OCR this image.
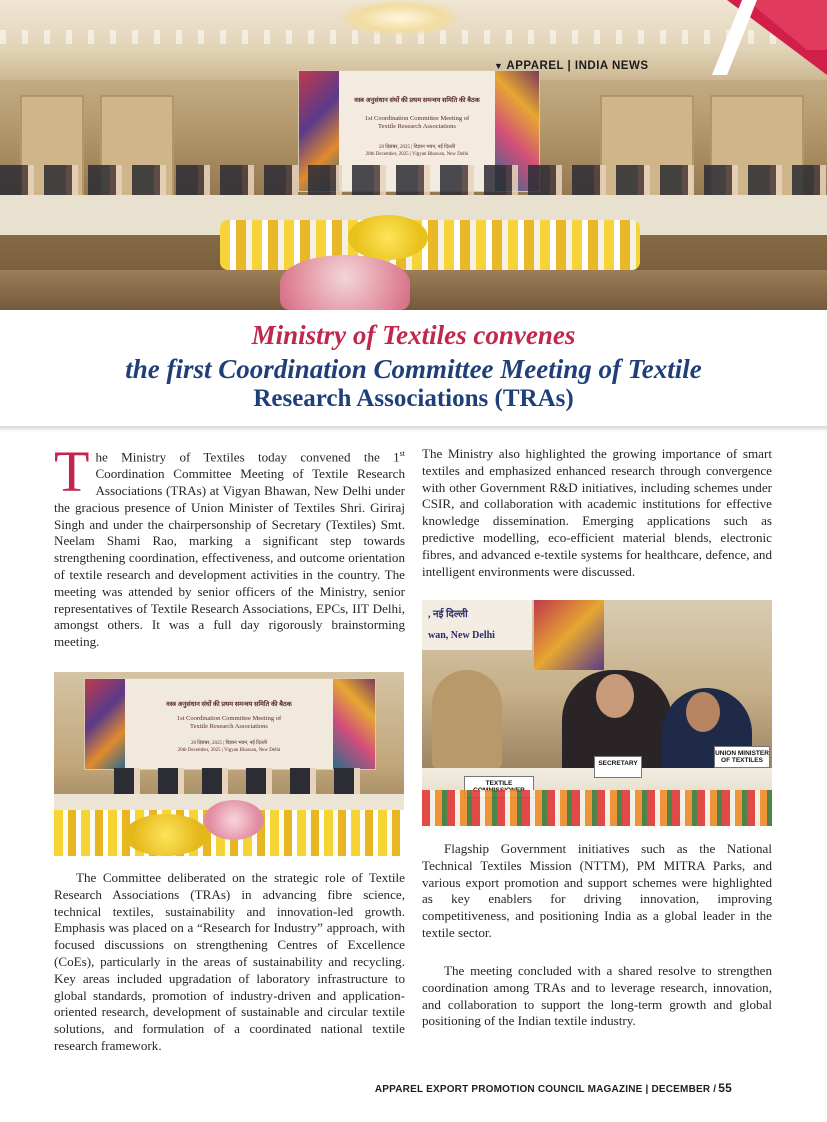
वस्त्र अनुसंधान संघों की प्रथम समन्वय समिति की बैठक
1st Coordination Committee Meeting of
Textile Research Associations
20 दिसंबर, 2025 | विज्ञान भवन, नई दिल्ली
20th December, 2025 | Vigyan Bhawan, New Delhi
▼ APPAREL | INDIA NEWS
Ministry of Textiles convenes
the first Coordination Committee Meeting of Textile
Research Associations (TRAs)

The Ministry of Textiles today convened the 1st Coordination Committee Meeting of Textile Research Associations (TRAs) at Vigyan Bhawan, New Delhi under the gracious presence of Union Minister of Textiles Shri. Giriraj Singh and under the chairpersonship of Secretary (Textiles) Smt. Neelam Shami Rao, marking a significant step towards strengthening coordination, effectiveness, and outcome orientation of textile research and development activities in the country. The meeting was attended by senior officers of the Ministry, senior representatives of Textile Research Associations, EPCs, IIT Delhi, amongst others. It was a full day rigorously brainstorming meeting.

वस्त्र अनुसंधान संघों की प्रथम समन्वय समिति की बैठक
1st Coordination Committee Meeting of
Textile Research Associations
20 दिसंबर, 2025 | विज्ञान भवन, नई दिल्ली
20th December, 2025 | Vigyan Bhawan, New Delhi

The Committee deliberated on the strategic role of Textile Research Associations (TRAs) in advancing fibre science, technical textiles, sustainability and innovation-led growth. Emphasis was placed on a “Research for Industry” approach, with focused discussions on strengthening Centres of Excellence (CoEs), particularly in the areas of sustainability and recycling. Key areas included upgradation of laboratory infrastructure to global standards, promotion of industry-driven and application-oriented research, development of sustainable and circular textile solutions, and formulation of a coordinated national textile research framework.

The Ministry also highlighted the growing importance of smart textiles and emphasized enhanced research through convergence with other Government R&D initiatives, including schemes under CSIR, and collaboration with academic institutions for effective knowledge dissemination. Emerging applications such as predictive modelling, eco-efficient material blends, electronic fibres, and advanced e-textile systems for healthcare, defence, and intelligent environments were discussed.

, नई दिल्ली
wan, New Delhi
TEXTILE
SECRETARY
UNION MINISTER OF TEXTILES

Flagship Government initiatives such as the National Technical Textiles Mission (NTTM), PM MITRA Parks, and various export promotion and support schemes were highlighted as key enablers for driving innovation, improving competitiveness, and positioning India as a global leader in the textile sector.

The meeting concluded with a shared resolve to strengthen coordination among TRAs and to leverage research, innovation, and collaboration to support the long-term growth and global positioning of the Indian textile industry.

APPAREL EXPORT PROMOTION COUNCIL MAGAZINE | DECEMBER / 55
